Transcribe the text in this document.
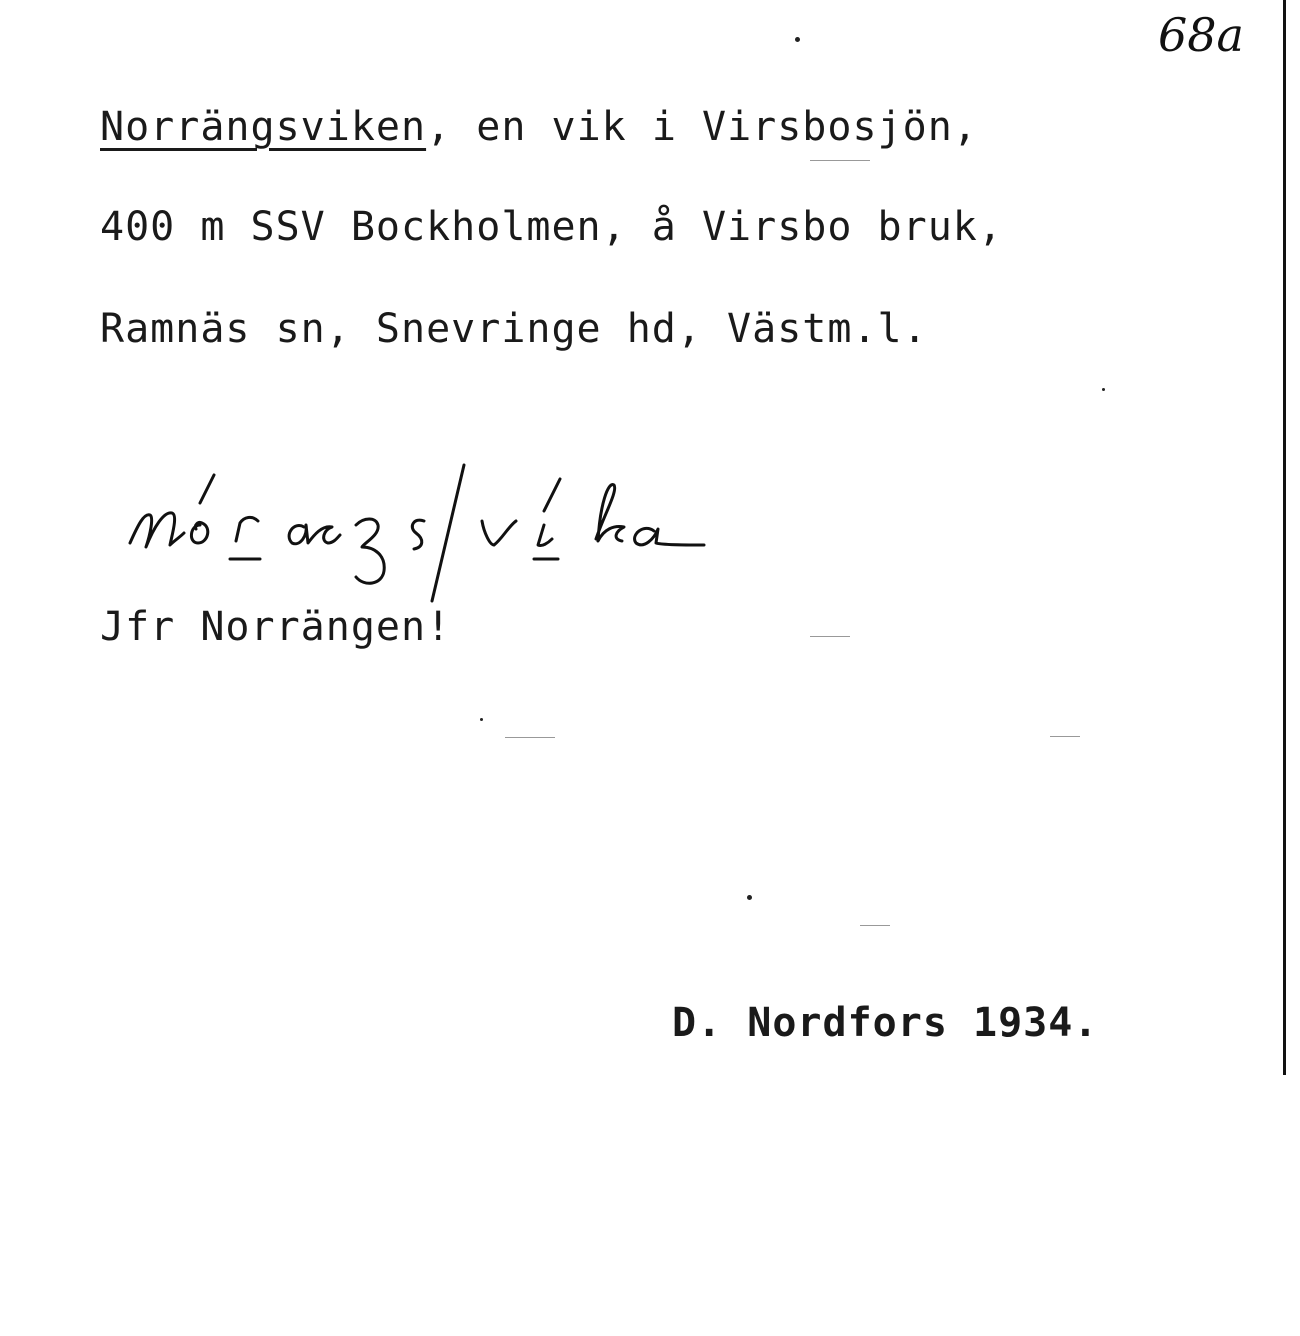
68a
Norrängsviken, en vik i Virsbosjön,
400 m SSV Bockholmen, å Virsbo bruk,
Ramnäs sn, Snevringe hd, Västm.l.
Jfr Norrängen!
D. Nordfors 1934.
